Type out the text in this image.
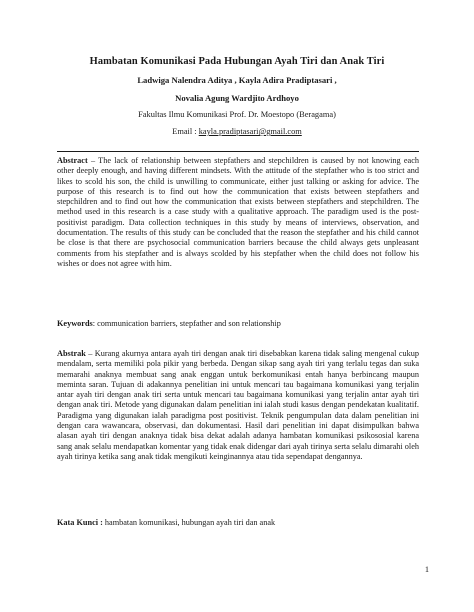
Hambatan Komunikasi Pada Hubungan Ayah Tiri dan Anak Tiri
Ladwiga Nalendra Aditya , Kayla Adira Pradiptasari ,
Novalia Agung Wardjito Ardhoyo
Fakultas Ilmu Komunikasi Prof. Dr. Moestopo (Beragama)
Email : kayla.pradiptasari@gmail.com
Abstract – The lack of relationship between stepfathers and stepchildren is caused by not knowing each other deeply enough, and having different mindsets. With the attitude of the stepfather who is too strict and likes to scold his son, the child is unwilling to communicate, either just talking or asking for advice. The purpose of this research is to find out how the communication that exists between stepfathers and stepchildren and to find out how the communication that exists between stepfathers and stepchildren. The method used in this research is a case study with a qualitative approach. The paradigm used is the post-positivist paradigm. Data collection techniques in this study by means of interviews, observation, and documentation. The results of this study can be concluded that the reason the stepfather and his child cannot be close is that there are psychosocial communication barriers because the child always gets unpleasant comments from his stepfather and is always scolded by his stepfather when the child does not follow his wishes or does not agree with him.
Keywords: communication barriers, stepfather and son relationship
Abstrak – Kurang akurnya antara ayah tiri dengan anak tiri disebabkan karena tidak saling mengenal cukup mendalam, serta memiliki pola pikir yang berbeda. Dengan sikap sang ayah tiri yang terlalu tegas dan suka memarahi anaknya membuat sang anak enggan untuk berkomunikasi entah hanya berbincang maupun meminta saran. Tujuan di adakannya penelitian ini untuk mencari tau bagaimana komunikasi yang terjalin antar ayah tiri dengan anak tiri serta untuk mencari tau bagaimana komunikasi yang terjalin antar ayah tiri dengan anak tiri. Metode yang digunakan dalam penelitian ini ialah studi kasus dengan pendekatan kualitatif. Paradigma yang digunakan ialah paradigma post positivist. Teknik pengumpulan data dalam penelitian ini dengan cara wawancara, observasi, dan dokumentasi. Hasil dari penelitian ini dapat disimpulkan bahwa alasan ayah tiri dengan anaknya tidak bisa dekat adalah adanya hambatan komunikasi psikososial karena sang anak selalu mendapatkan komentar yang tidak enak didengar dari ayah tirinya serta selalu dimarahi oleh ayah tirinya ketika sang anak tidak mengikuti keinginannya atau tida sependapat dengannya.
Kata Kunci : hambatan komunikasi, hubungan ayah tiri dan anak
1
